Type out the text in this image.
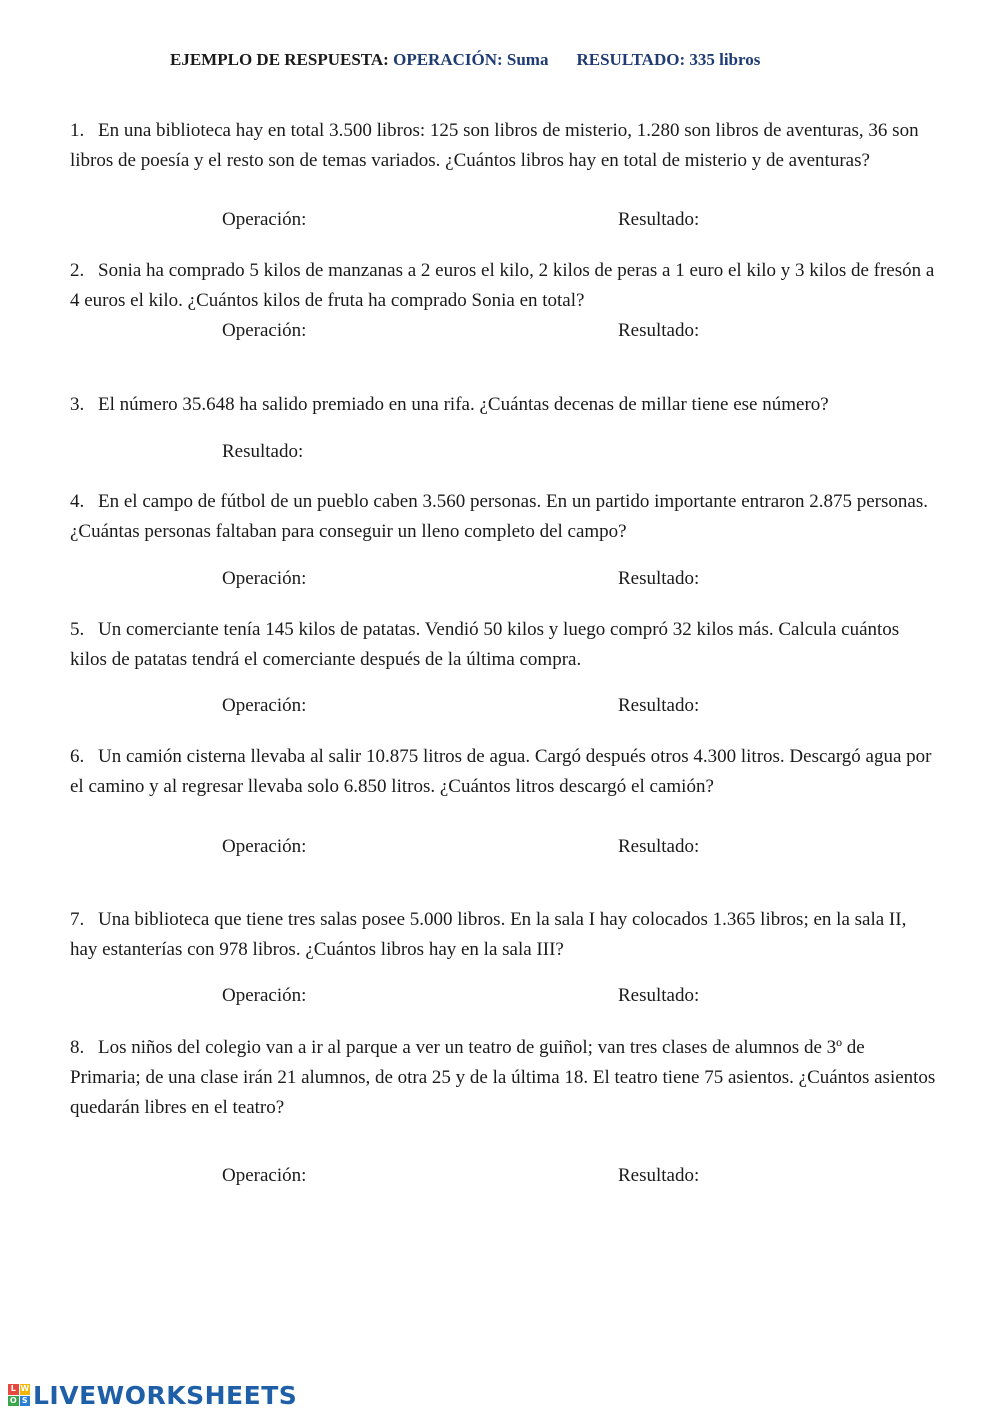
EJEMPLO DE RESPUESTA: OPERACIÓN: Suma RESULTADO: 335 libros
1. En una biblioteca hay en total 3.500 libros: 125 son libros de misterio, 1.280 son libros de aventuras, 36 son libros de poesía y el resto son de temas variados. ¿Cuántos libros hay en total de misterio y de aventuras?
Operación:	Resultado:
2. Sonia ha comprado 5 kilos de manzanas a 2 euros el kilo, 2 kilos de peras a 1 euro el kilo y 3 kilos de fresón a 4 euros el kilo. ¿Cuántos kilos de fruta ha comprado Sonia en total?
Operación:	Resultado:
3. El número 35.648 ha salido premiado en una rifa. ¿Cuántas decenas de millar tiene ese número?
Resultado:
4. En el campo de fútbol de un pueblo caben 3.560 personas. En un partido importante entraron 2.875 personas. ¿Cuántas personas faltaban para conseguir un lleno completo del campo?
Operación:	Resultado:
5. Un comerciante tenía 145 kilos de patatas. Vendió 50 kilos y luego compró 32 kilos más. Calcula cuántos kilos de patatas tendrá el comerciante después de la última compra.
Operación:	Resultado:
6. Un camión cisterna llevaba al salir 10.875 litros de agua. Cargó después otros 4.300 litros. Descargó agua por el camino y al regresar llevaba solo 6.850 litros. ¿Cuántos litros descargó el camión?
Operación:	Resultado:
7. Una biblioteca que tiene tres salas posee 5.000 libros. En la sala I hay colocados 1.365 libros; en la sala II, hay estanterías con 978 libros. ¿Cuántos libros hay en la sala III?
Operación:	Resultado:
8. Los niños del colegio van a ir al parque a ver un teatro de guiñol; van tres clases de alumnos de 3º de Primaria; de una clase irán 21 alumnos, de otra 25 y de la última 18. El teatro tiene 75 asientos. ¿Cuántos asientos quedarán libres en el teatro?
Operación:	Resultado:
L W
O S LIVEWORKSHEETS
